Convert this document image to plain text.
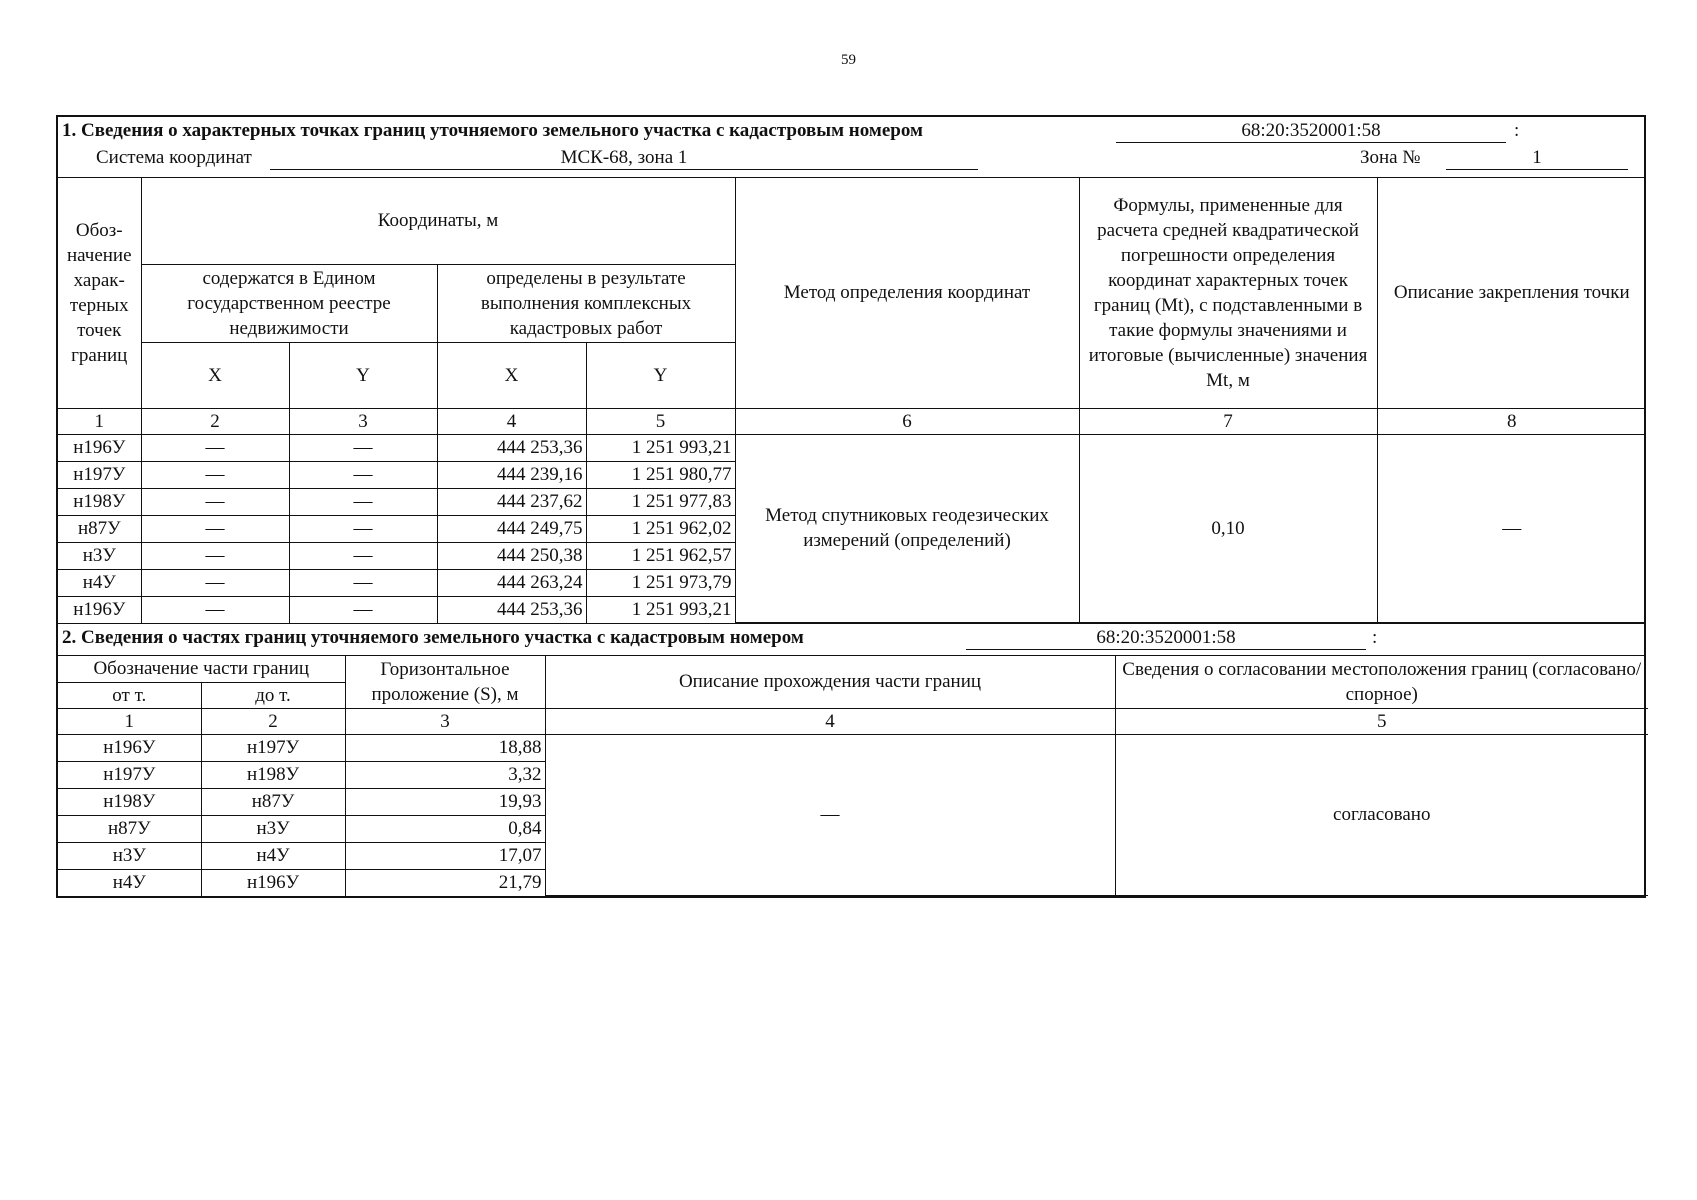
59
1. Сведения о характерных точках границ уточняемого земельного участка с кадастровым номером	68:20:3520001:58	:
Система координат	МСК-68, зона 1	Зона №	1
Обоз-начение харак-терных точек границ	Координаты, м				Метод определения координат	Формулы, примененные для расчета средней квадратической погрешности определения координат характерных точек границ (Mt), с подставленными в такие формулы значениями и итоговые (вычисленные) значения Mt, м	Описание закрепления точки
	содержатся в Едином государственном реестре недвижимости		определены в результате выполнения комплексных кадастровых работ				
	X	Y	X	Y			
1	2	3	4	5	6	7	8
н196У	—	—	444 253,36	1 251 993,21	Метод спутниковых геодезических измерений (определений)	0,10	—
н197У	—	—	444 239,16	1 251 980,77			
н198У	—	—	444 237,62	1 251 977,83			
н87У	—	—	444 249,75	1 251 962,02			
н3У	—	—	444 250,38	1 251 962,57			
н4У	—	—	444 263,24	1 251 973,79			
н196У	—	—	444 253,36	1 251 993,21			
2. Сведения о частях границ уточняемого земельного участка с кадастровым номером	68:20:3520001:58	:
Обозначение части границ		Горизонтальное проложение (S), м	Описание прохождения части границ	Сведения о согласовании местоположения границ (согласовано/спорное)
от т.	до т.			
1	2	3	4	5
н196У	н197У	18,88	—	согласовано
н197У	н198У	3,32		
н198У	н87У	19,93		
н87У	н3У	0,84		
н3У	н4У	17,07		
н4У	н196У	21,79		
